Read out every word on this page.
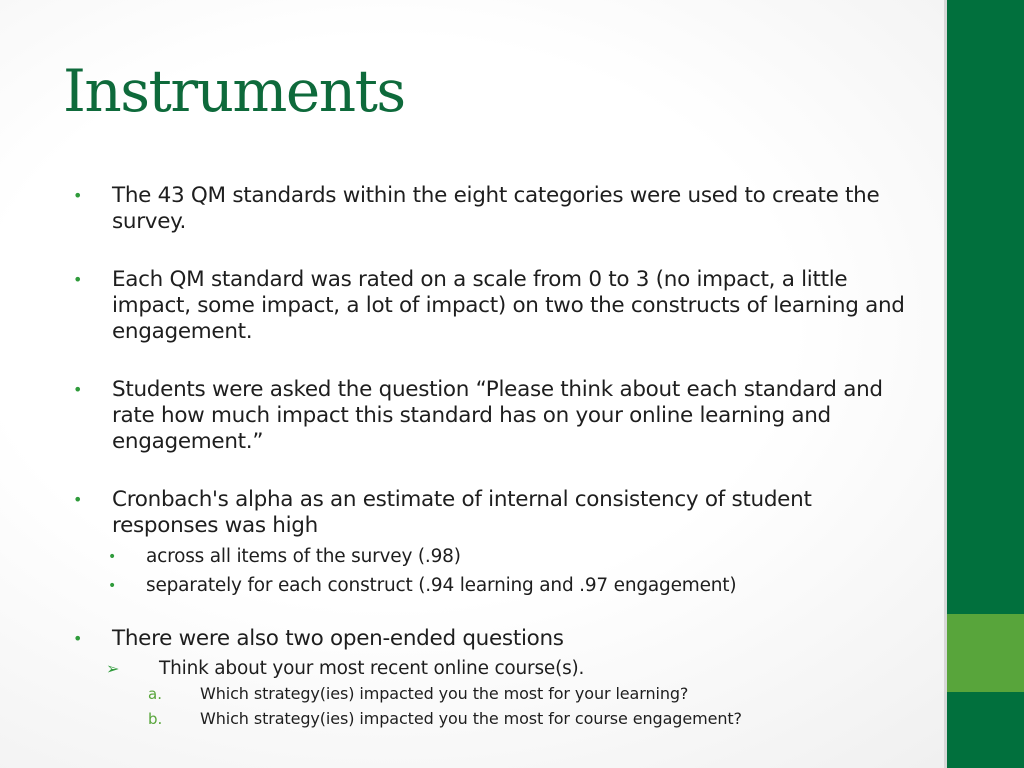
Instruments
• The 43 QM standards within the eight categories were used to create the survey.
• Each QM standard was rated on a scale from 0 to 3 (no impact, a little impact, some impact, a lot of impact) on two the constructs of learning and engagement.
• Students were asked the question “Please think about each standard and rate how much impact this standard has on your online learning and engagement.”
• Cronbach's alpha as an estimate of internal consistency of student responses was high
• across all items of the survey (.98)
• separately for each construct (.94 learning and .97 engagement)
• There were also two open-ended questions
➢ Think about your most recent online course(s).
a. Which strategy(ies) impacted you the most for your learning?
b. Which strategy(ies) impacted you the most for course engagement?
